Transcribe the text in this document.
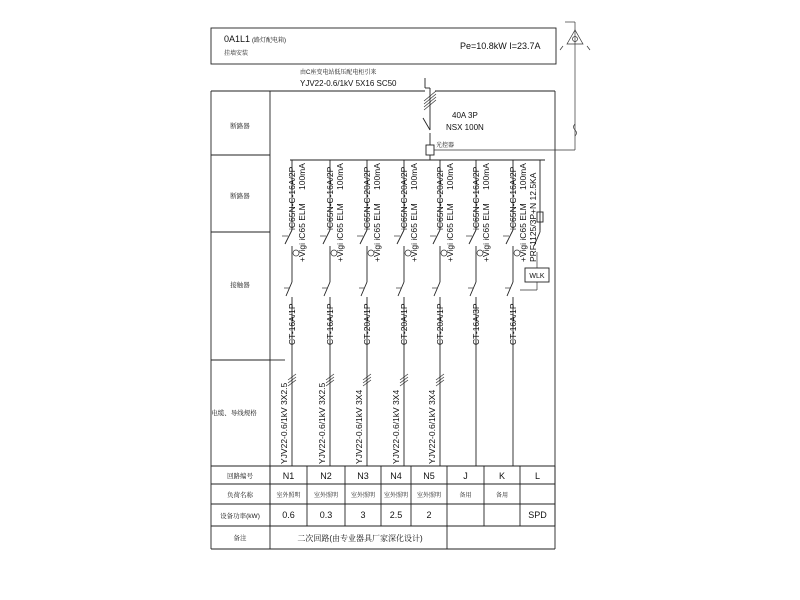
0A1L1 (路灯配电箱)
挂墙安装
Pe=10.8kW I=23.7A
由C座变电站低压配电柜引来
YJV22-0.6/1kV 5X16 SC50
断路器
断路器
接触器
电缆、导线规格
回路编号
负荷名称
设备功率(kW)
备注
40A 3P
NSX 100N
光控器
iC65N-C-16A/2P
+Vigi iC65 ELM
100mA
CT-16A/1P
YJV22-0.6/1kV 3X2.5
iC65N-C-16A/2P
+Vigi iC65 ELM
100mA
CT-16A/1P
YJV22-0.6/1kV 3X2.5
iC65N-C-20A/2P
+Vigi iC65 ELM
100mA
CT-20A/1P
YJV22-0.6/1kV 3X4
iC65N-C-20A/2P
+Vigi iC65 ELM
100mA
CT-20A/1P
YJV22-0.6/1kV 3X4
iC65N-C-20A/2P
+Vigi iC65 ELM
100mA
CT-20A/1P
YJV22-0.6/1kV 3X4
iC65N-C-16A/2P
+Vigi iC65 ELM
100mA
CT-16A/3P
iC65N-C-16A/2P
+Vigi iC65 ELM
100mA
CT-16A/1P
PRF1125/3P+N 12.5KA
WLK
N1
室外照明
0.6
N2
室外照明
0.3
N3
室外照明
3
N4
室外照明
2.5
N5
室外照明
2
J
备用
K
备用
L
SPD
二次回路(由专业器具厂家深化设计)
